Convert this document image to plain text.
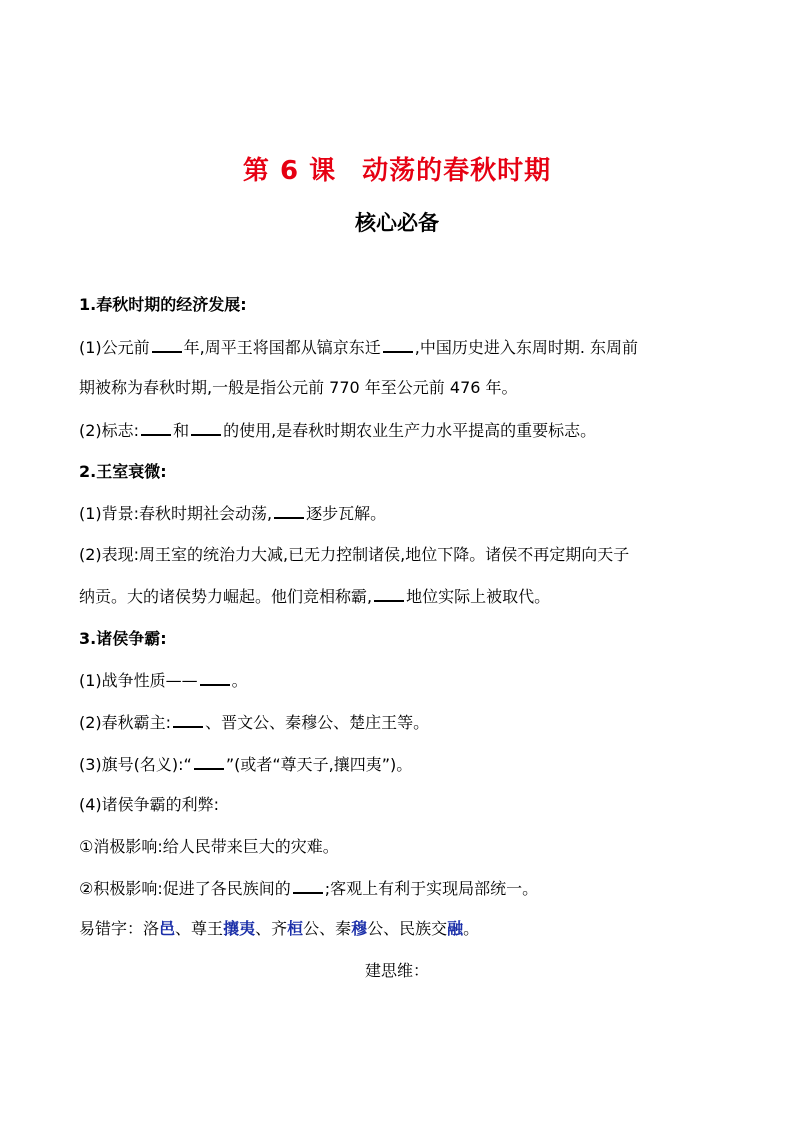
第 6 课 动荡的春秋时期
核心必备
1.春秋时期的经济发展:
(1)公元前 年,周平王将国都从镐京东迁 ,中国历史进入东周时期. 东周前
期被称为春秋时期,一般是指公元前 770 年至公元前 476 年。
(2)标志: 和 的使用,是春秋时期农业生产力水平提高的重要标志。
2.王室衰微:
(1)背景:春秋时期社会动荡, 逐步瓦解。
(2)表现:周王室的统治力大减,已无力控制诸侯,地位下降。诸侯不再定期向天子
纳贡。大的诸侯势力崛起。他们竞相称霸, 地位实际上被取代。
3.诸侯争霸:
(1)战争性质—— 。
(2)春秋霸主: 、晋文公、秦穆公、楚庄王等。
(3)旗号(名义):“ ”(或者“尊天子,攘四夷”)。
(4)诸侯争霸的利弊:
①消极影响:给人民带来巨大的灾难。
②积极影响:促进了各民族间的 ;客观上有利于实现局部统一。
易错字：洛邑、尊王攘夷、齐桓公、秦穆公、民族交融。
建思维：
